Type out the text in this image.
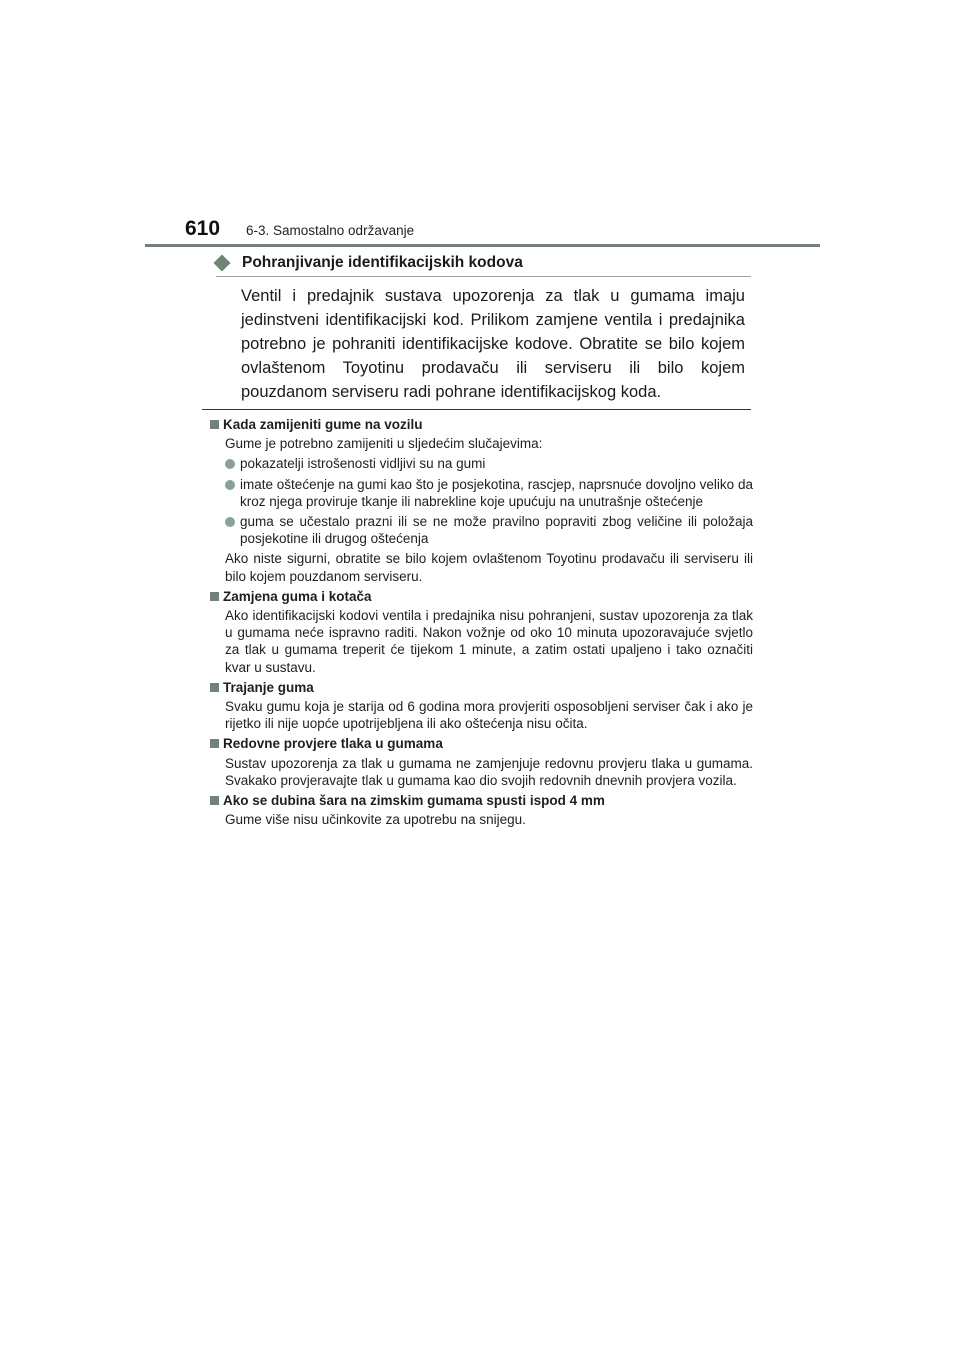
610 6-3. Samostalno održavanje
Pohranjivanje identifikacijskih kodova

Ventil i predajnik sustava upozorenja za tlak u gumama imaju jedinstveni identifikacijski kod. Prilikom zamjene ventila i predajnika potrebno je pohraniti identifikacijske kodove. Obratite se bilo kojem ovlaštenom Toyotinu prodavaču ili serviseru ili bilo kojem pouzdanom serviseru radi pohrane identifikacijskog koda.

Kada zamijeniti gume na vozilu

Gume je potrebno zamijeniti u sljedećim slučajevima:

pokazatelji istrošenosti vidljivi su na gumi
imate oštećenje na gumi kao što je posjekotina, rascjep, naprsnuće dovoljno veliko da kroz njega proviruje tkanje ili nabrekline koje upućuju na unutrašnje oštećenje
guma se učestalo prazni ili se ne može pravilno popraviti zbog veličine ili položaja posjekotine ili drugog oštećenja

Ako niste sigurni, obratite se bilo kojem ovlaštenom Toyotinu prodavaču ili serviseru ili bilo kojem pouzdanom serviseru.

Zamjena guma i kotača

Ako identifikacijski kodovi ventila i predajnika nisu pohranjeni, sustav upozorenja za tlak u gumama neće ispravno raditi. Nakon vožnje od oko 10 minuta upozoravajuće svjetlo za tlak u gumama treperit će tijekom 1 minute, a zatim ostati upaljeno i tako označiti kvar u sustavu.

Trajanje guma

Svaku gumu koja je starija od 6 godina mora provjeriti osposobljeni serviser čak i ako je rijetko ili nije uopće upotrijebljena ili ako oštećenja nisu očita.

Redovne provjere tlaka u gumama

Sustav upozorenja za tlak u gumama ne zamjenjuje redovnu provjeru tlaka u gumama. Svakako provjeravajte tlak u gumama kao dio svojih redovnih dnevnih provjera vozila.

Ako se dubina šara na zimskim gumama spusti ispod 4 mm

Gume više nisu učinkovite za upotrebu na snijegu.
